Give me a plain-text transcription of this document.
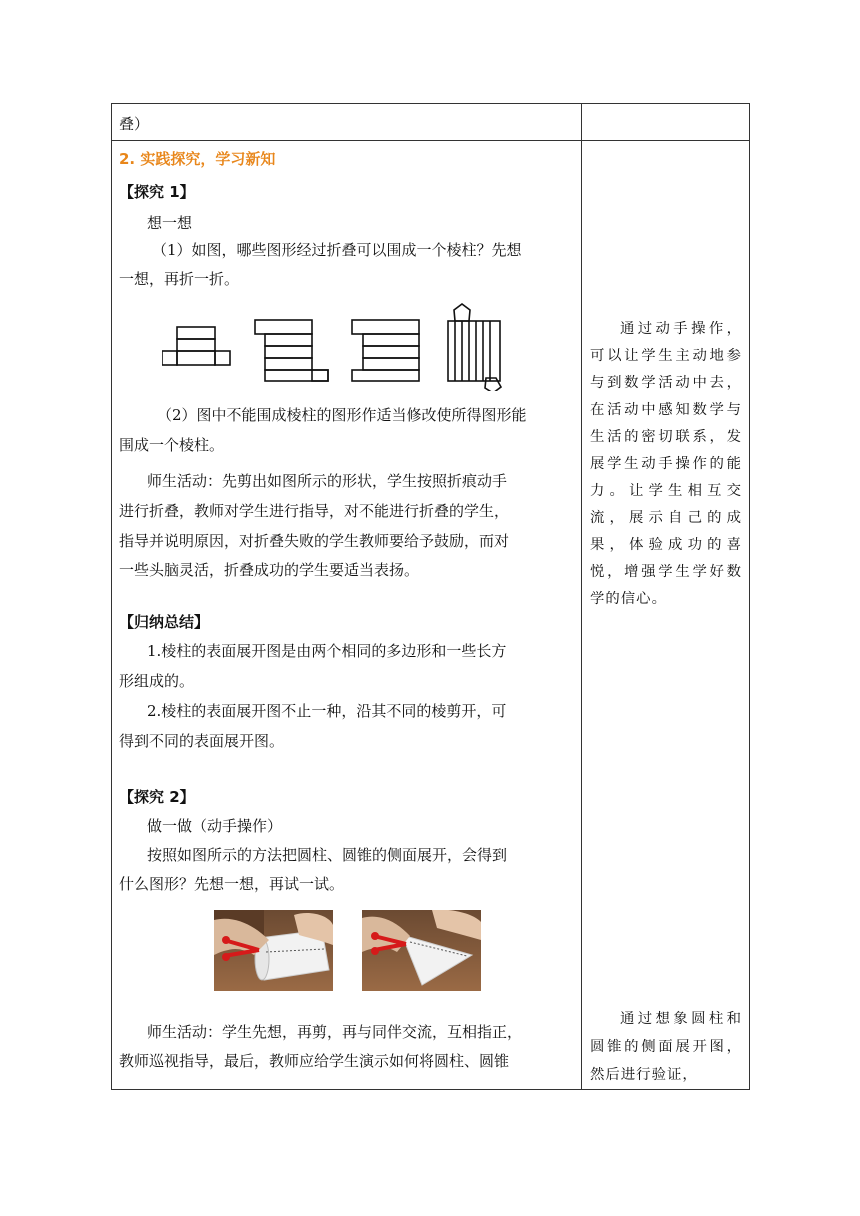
叠）
2. 实践探究，学习新知
【探究 1】
想一想
（1）如图，哪些图形经过折叠可以围成一个棱柱？先想
一想，再折一折。
（2）图中不能围成棱柱的图形作适当修改使所得图形能
围成一个棱柱。
师生活动：先剪出如图所示的形状，学生按照折痕动手
进行折叠，教师对学生进行指导，对不能进行折叠的学生，
指导并说明原因，对折叠失败的学生教师要给予鼓励，而对
一些头脑灵活，折叠成功的学生要适当表扬。
【归纳总结】
1.棱柱的表面展开图是由两个相同的多边形和一些长方
形组成的。
2.棱柱的表面展开图不止一种，沿其不同的棱剪开，可
得到不同的表面展开图。
【探究 2】
做一做（动手操作）
按照如图所示的方法把圆柱、圆锥的侧面展开，会得到
什么图形？先想一想，再试一试。
师生活动：学生先想，再剪，再与同伴交流，互相指正，
教师巡视指导，最后，教师应给学生演示如何将圆柱、圆锥
通过动手操作，可以让学生主动地参与到数学活动中去，在活动中感知数学与生活的密切联系，发展学生动手操作的能力。让学生相互交流，展示自己的成果，体验成功的喜悦，增强学生学好数学的信心。
通过想象圆柱和圆锥的侧面展开图，然后进行验证，
